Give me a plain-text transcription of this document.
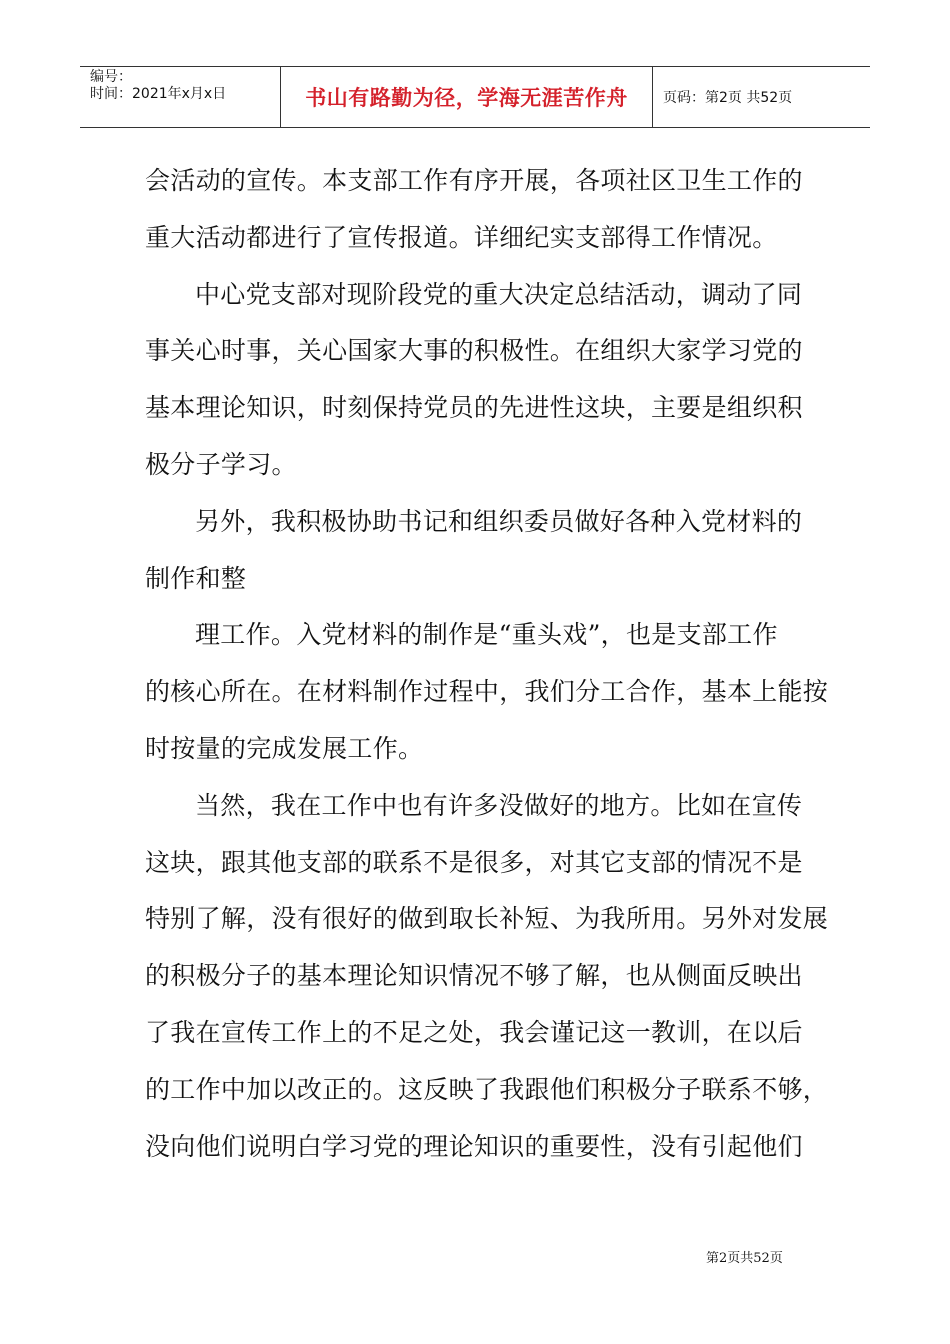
编号：
时间：2021年x月x日	书山有路勤为径，学海无涯苦作舟	页码：第2页 共52页
会活动的宣传。本支部工作有序开展，各项社区卫生工作的
重大活动都进行了宣传报道。详细纪实支部得工作情况。
中心党支部对现阶段党的重大决定总结活动，调动了同
事关心时事，关心国家大事的积极性。在组织大家学习党的
基本理论知识，时刻保持党员的先进性这块，主要是组织积
极分子学习。
另外，我积极协助书记和组织委员做好各种入党材料的
制作和整
理工作。入党材料的制作是“重头戏”，也是支部工作
的核心所在。在材料制作过程中，我们分工合作，基本上能按
时按量的完成发展工作。
当然，我在工作中也有许多没做好的地方。比如在宣传
这块，跟其他支部的联系不是很多，对其它支部的情况不是
特别了解，没有很好的做到取长补短、为我所用。另外对发展
的积极分子的基本理论知识情况不够了解，也从侧面反映出
了我在宣传工作上的不足之处，我会谨记这一教训，在以后
的工作中加以改正的。这反映了我跟他们积极分子联系不够，
没向他们说明白学习党的理论知识的重要性，没有引起他们
第2页共52页
